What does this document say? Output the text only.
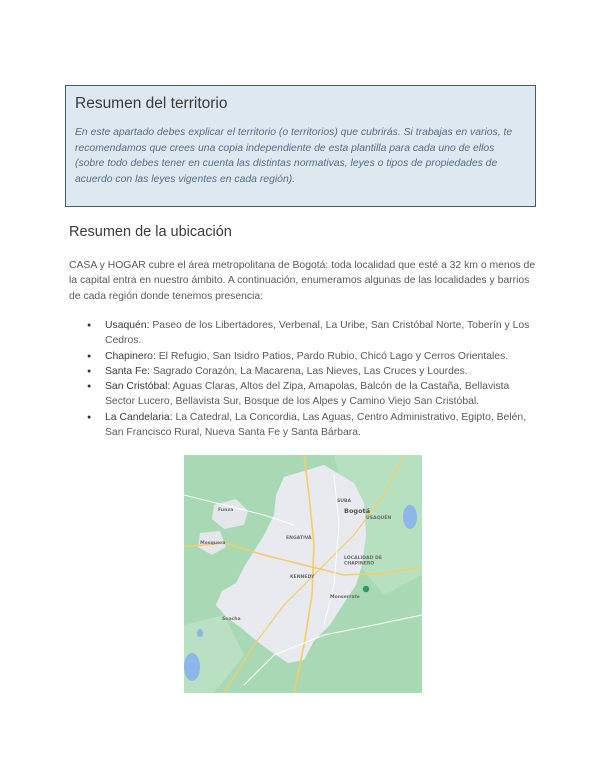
Resumen del territorio

En este apartado debes explicar el territorio (o territorios) que cubrirás. Si trabajas en varios, te recomendamos que crees una copia independiente de esta plantilla para cada uno de ellos (sobre todo debes tener en cuenta las distintas normativas, leyes o tipos de propiedades de acuerdo con las leyes vigentes en cada región).

Resumen de la ubicación

CASA y HOGAR cubre el área metropolitana de Bogotá: toda localidad que esté a 32 km o menos de la capital entra en nuestro ámbito. A continuación, enumeramos algunas de las localidades y barrios de cada región donde tenemos presencia:

● Usaquén: Paseo de los Libertadores, Verbenal, La Uribe, San Cristóbal Norte, Toberín y Los Cedros.
● Chapinero: El Refugio, San Isidro Patios, Pardo Rubio, Chicó Lago y Cerros Orientales.
● Santa Fe: Sagrado Corazón, La Macarena, Las Nieves, Las Cruces y Lourdes.
● San Cristóbal: Aguas Claras, Altos del Zipa, Amapolas, Balcón de la Castaña, Bellavista Sector Lucero, Bellavista Sur, Bosque de los Alpes y Camino Viejo San Cristóbal.
● La Candelaria: La Catedral, La Concordia, Las Aguas, Centro Administrativo, Egipto, Belén, San Francisco Rural, Nueva Santa Fe y Santa Bárbara.
SUBA
Bogotá
USAQUÉN
ENGATIVÁ
LOCALIDAD DE CHAPINERO
KENNEDY
Monserrate
Funza
Mosquera
Soacha
